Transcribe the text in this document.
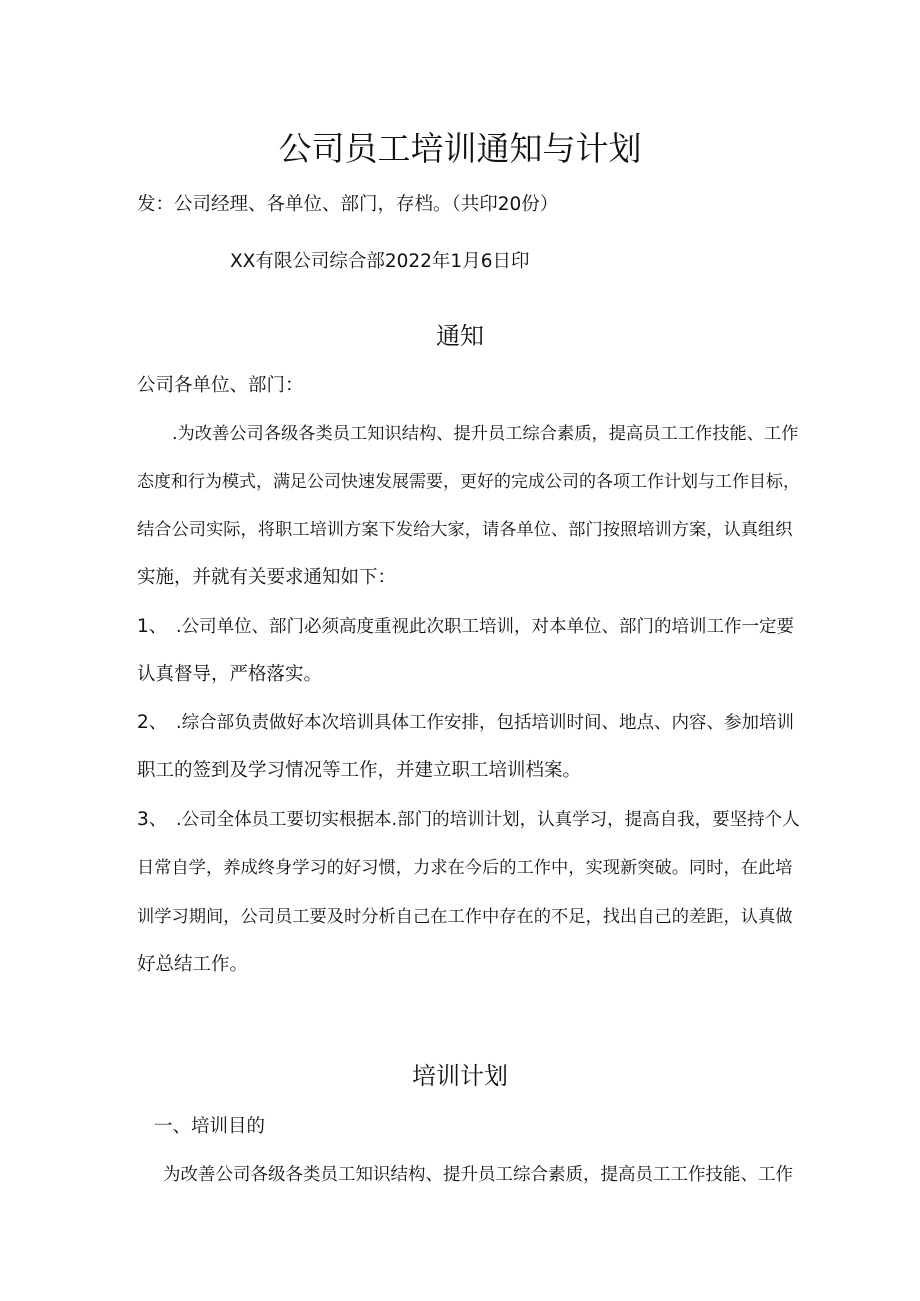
公司员工培训通知与计划
发：公司经理、各单位、部门，存档。（共印20份）
XX有限公司综合部2022年1月6日印
通知
公司各单位、部门：
.为改善公司各级各类员工知识结构、提升员工综合素质，提高员工工作技能、工作
态度和行为模式，满足公司快速发展需要，更好的完成公司的各项工作计划与工作目标，
结合公司实际，将职工培训方案下发给大家，请各单位、部门按照培训方案，认真组织
实施，并就有关要求通知如下：
1、 .公司单位、部门必须高度重视此次职工培训，对本单位、部门的培训工作一定要
认真督导，严格落实。
2、 .综合部负责做好本次培训具体工作安排，包括培训时间、地点、内容、参加培训
职工的签到及学习情况等工作，并建立职工培训档案。
3、 .公司全体员工要切实根据本.部门的培训计划，认真学习，提高自我，要坚持个人
日常自学，养成终身学习的好习惯，力求在今后的工作中，实现新突破。同时，在此培
训学习期间，公司员工要及时分析自己在工作中存在的不足，找出自己的差距，认真做
好总结工作。
培训计划
一、培训目的
为改善公司各级各类员工知识结构、提升员工综合素质，提高员工工作技能、工作
